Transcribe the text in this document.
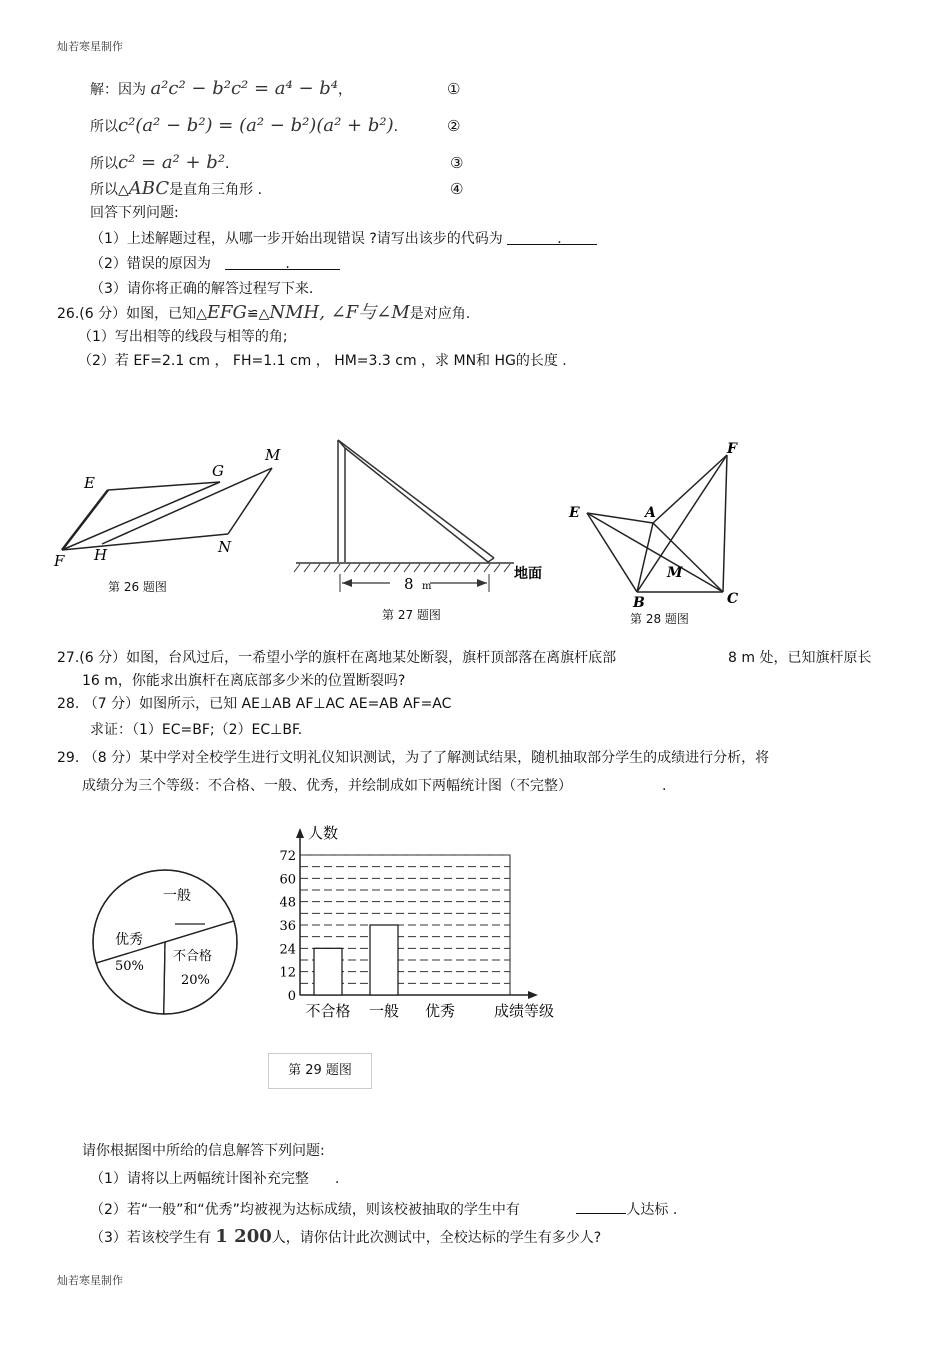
灿若寒星制作
解：因为 a²c² − b²c² = a⁴ − b⁴，	①
所以c²(a² − b²) = (a² − b²)(a² + b²).	②
所以c² = a² + b²．	③
所以△ABC是直角三角形 .	④
回答下列问题:
（1）上述解题过程，从哪一步开始出现错误 ?请写出该步的代码为	.
（2）错误的原因为	.
（3）请你将正确的解答过程写下来.
26.(6 分）如图，已知△EFG≌△NMH, ∠F与∠M是对应角.
（1）写出相等的线段与相等的角;
（2）若 EF=2.1 cm ， FH=1.1 cm ， HM=3.3 cm ，求 MN和 HG的长度 .
E
G
M
F H	N
第 26 题图	8 m
地面
第 27 题图
F
E	A
M
B	C
第 28 题图
27.(6 分）如图，台风过后，一希望小学的旗杆在离地某处断裂，旗杆顶部落在离旗杆底部	8 m 处，已知旗杆原长
16 m，你能求出旗杆在离底部多少米的位置断裂吗?
28. （7 分）如图所示，已知 AE⊥AB AF⊥AC AE=AB AF=AC
求证：（1）EC=BF;（2）EC⊥BF.
29. （8 分）某中学对全校学生进行文明礼仪知识测试，为了了解测试结果，随机抽取部分学生的成绩进行分析，将
成绩分为三个等级：不合格、一般、优秀，并绘制成如下两幅统计图（不完整）	.
优秀
50%
一般
不合格
20%
0
12
24
36
48
60
72
不合格 一般 优秀
人数
成绩等级
第 29 题图
请你根据图中所给的信息解答下列问题:
（1）请将以上两幅统计图补充完整 .
（2）若“一般”和“优秀”均被视为达标成绩，则该校被抽取的学生中有	人达标 .
（3）若该校学生有 1 200人，请你估计此次测试中，全校达标的学生有多少人?
灿若寒星制作
